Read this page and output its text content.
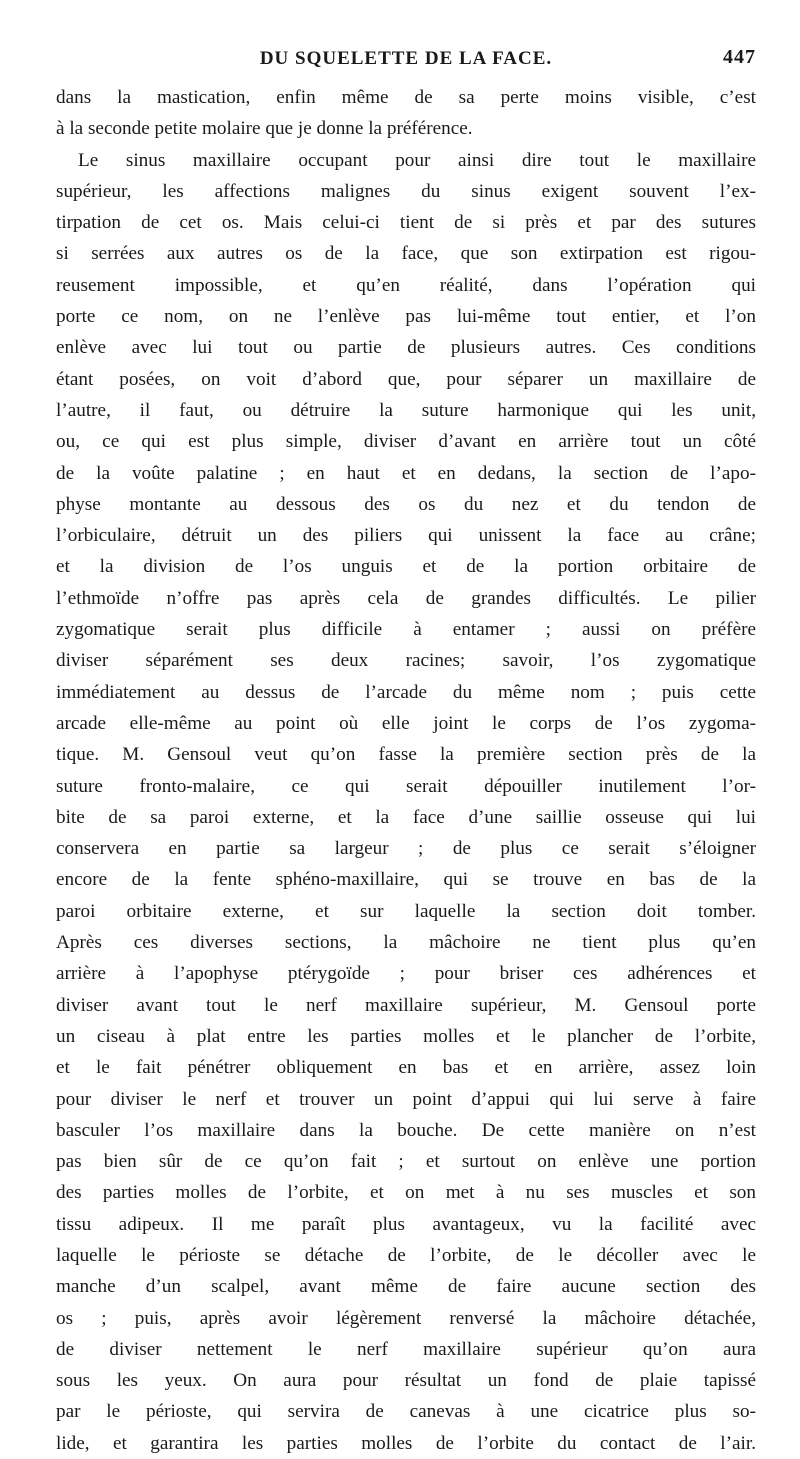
DU SQUELETTE DE LA FACE.	447
dans la mastication, enfin même de sa perte moins visible, c’est
à la seconde petite molaire que je donne la préférence.
Le sinus maxillaire occupant pour ainsi dire tout le maxillaire
supérieur, les affections malignes du sinus exigent souvent l’ex-
tirpation de cet os. Mais celui-ci tient de si près et par des sutures
si serrées aux autres os de la face, que son extirpation est rigou-
reusement impossible, et qu’en réalité, dans l’opération qui
porte ce nom, on ne l’enlève pas lui-même tout entier, et l’on
enlève avec lui tout ou partie de plusieurs autres. Ces conditions
étant posées, on voit d’abord que, pour séparer un maxillaire de
l’autre, il faut, ou détruire la suture harmonique qui les unit,
ou, ce qui est plus simple, diviser d’avant en arrière tout un côté
de la voûte palatine ; en haut et en dedans, la section de l’apo-
physe montante au dessous des os du nez et du tendon de
l’orbiculaire, détruit un des piliers qui unissent la face au crâne;
et la division de l’os unguis et de la portion orbitaire de
l’ethmoïde n’offre pas après cela de grandes difficultés. Le pilier
zygomatique serait plus difficile à entamer ; aussi on préfère
diviser séparément ses deux racines; savoir, l’os zygomatique
immédiatement au dessus de l’arcade du même nom ; puis cette
arcade elle-même au point où elle joint le corps de l’os zygoma-
tique. M. Gensoul veut qu’on fasse la première section près de la
suture fronto-malaire, ce qui serait dépouiller inutilement l’or-
bite de sa paroi externe, et la face d’une saillie osseuse qui lui
conservera en partie sa largeur ; de plus ce serait s’éloigner
encore de la fente sphéno-maxillaire, qui se trouve en bas de la
paroi orbitaire externe, et sur laquelle la section doit tomber.
Après ces diverses sections, la mâchoire ne tient plus qu’en
arrière à l’apophyse ptérygoïde ; pour briser ces adhérences et
diviser avant tout le nerf maxillaire supérieur, M. Gensoul porte
un ciseau à plat entre les parties molles et le plancher de l’orbite,
et le fait pénétrer obliquement en bas et en arrière, assez loin
pour diviser le nerf et trouver un point d’appui qui lui serve à faire
basculer l’os maxillaire dans la bouche. De cette manière on n’est
pas bien sûr de ce qu’on fait ; et surtout on enlève une portion
des parties molles de l’orbite, et on met à nu ses muscles et son
tissu adipeux. Il me paraît plus avantageux, vu la facilité avec
laquelle le périoste se détache de l’orbite, de le décoller avec le
manche d’un scalpel, avant même de faire aucune section des
os ; puis, après avoir légèrement renversé la mâchoire détachée,
de diviser nettement le nerf maxillaire supérieur qu’on aura
sous les yeux. On aura pour résultat un fond de plaie tapissé
par le périoste, qui servira de canevas à une cicatrice plus so-
lide, et garantira les parties molles de l’orbite du contact de l’air.
